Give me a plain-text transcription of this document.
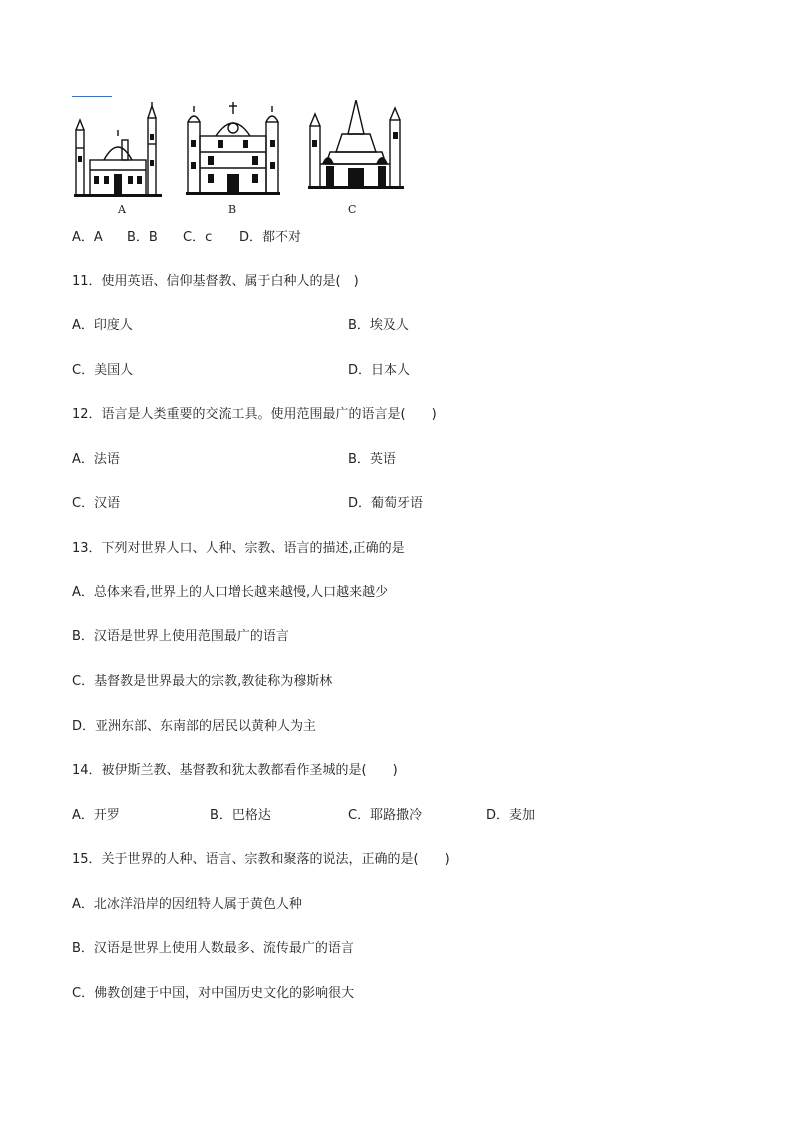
A	B	C
A．A B．B C．c D．都不对
11．使用英语、信仰基督教、属于白种人的是(　)
A．印度人	B．埃及人
C．美国人	D．日本人
12．语言是人类重要的交流工具。使用范围最广的语言是(　　)
A．法语	B．英语
C．汉语	D．葡萄牙语
13．下列对世界人口、人种、宗教、语言的描述,正确的是
A．总体来看,世界上的人口增长越来越慢,人口越来越少
B．汉语是世界上使用范围最广的语言
C．基督教是世界最大的宗教,教徒称为穆斯林
D．亚洲东部、东南部的居民以黄种人为主
14．被伊斯兰教、基督教和犹太教都看作圣城的是(　　)
A．开罗	B．巴格达	C．耶路撒冷	D．麦加
15．关于世界的人种、语言、宗教和聚落的说法，正确的是(　　)
A．北冰洋沿岸的因纽特人属于黄色人种
B．汉语是世界上使用人数最多、流传最广的语言
C．佛教创建于中国，对中国历史文化的影响很大
